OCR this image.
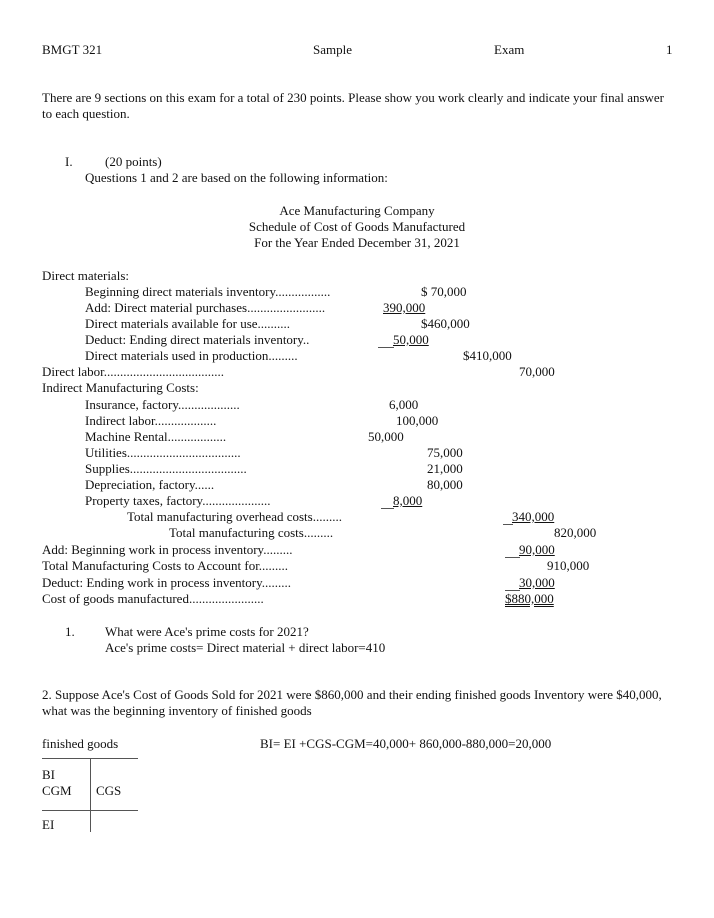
BMGT 321	Sample	Exam	1
There are 9 sections on this exam for a total of 230 points. Please show you work clearly and indicate your final answer to each question.
I. (20 points)
Questions 1 and 2 are based on the following information:
Ace Manufacturing Company
Schedule of Cost of Goods Manufactured
For the Year Ended December 31, 2021
Direct materials:
Beginning direct materials inventory.................	$ 70,000
Add: Direct material purchases........................	390,000
Direct materials available for use..........	$460,000
Deduct: Ending direct materials inventory..	50,000
Direct materials used in production.........	$410,000
Direct labor.....................................	70,000
Indirect Manufacturing Costs:
Insurance, factory...................	6,000
Indirect labor...................	100,000
Machine Rental..................	50,000
Utilities...................................	75,000
Supplies....................................	21,000
Depreciation, factory......	80,000
Property taxes, factory.....................	8,000
Total manufacturing overhead costs.........	340,000
Total manufacturing costs.........	820,000
Add: Beginning work in process inventory.........	90,000
Total Manufacturing Costs to Account for.........	910,000
Deduct: Ending work in process inventory.........	30,000
Cost of goods manufactured.......................	$880,000
1. What were Ace's prime costs for 2021?
Ace's prime costs= Direct material + direct labor=410
2. Suppose Ace's Cost of Goods Sold for 2021 were $860,000 and their ending finished goods Inventory were $40,000, what was the beginning inventory of finished goods
finished goods	BI= EI +CGS-CGM=40,000+ 860,000-880,000=20,000
BI
CGM CGS
EI
